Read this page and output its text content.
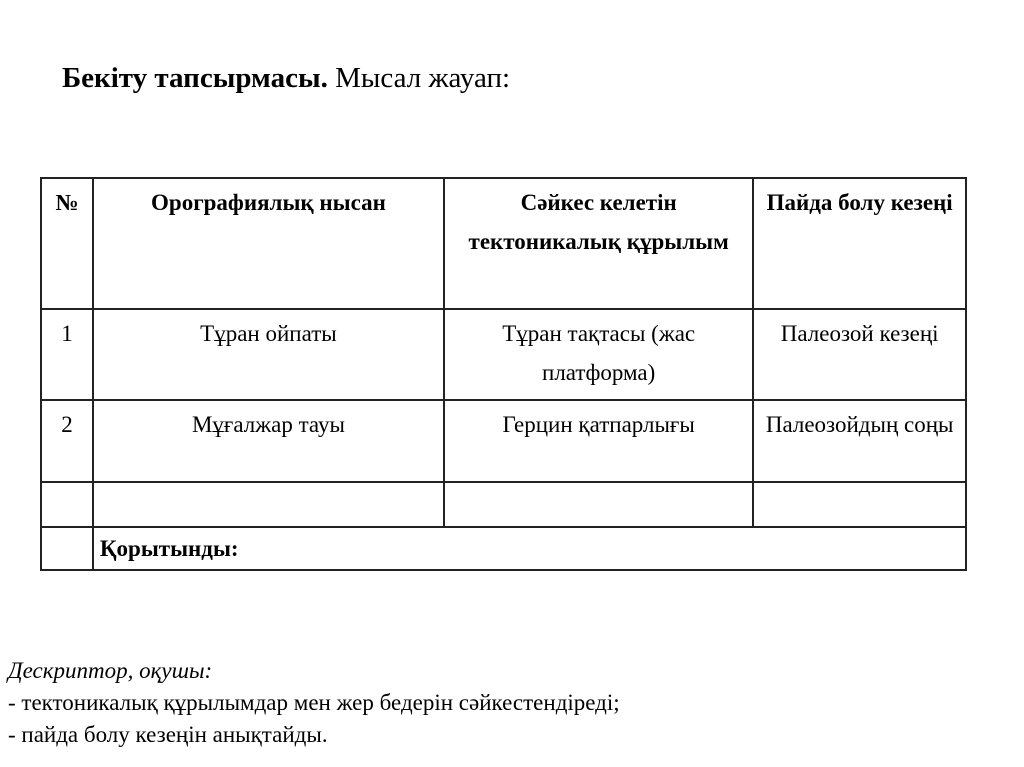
Бекіту тапсырмасы. Мысал жауап:
№	Орографиялық нысан	Сәйкес келетін тектоникалық құрылым	Пайда болу кезеңі
1	Тұран ойпаты	Тұран тақтасы (жас платформа)	Палеозой кезеңі
2	Мұғалжар тауы	Герцин қатпарлығы	Палеозойдың соңы

	Қорытынды:		
Дескриптор, оқушы:
- тектоникалық құрылымдар мен жер бедерін сәйкестендіреді;
- пайда болу кезеңін анықтайды.
